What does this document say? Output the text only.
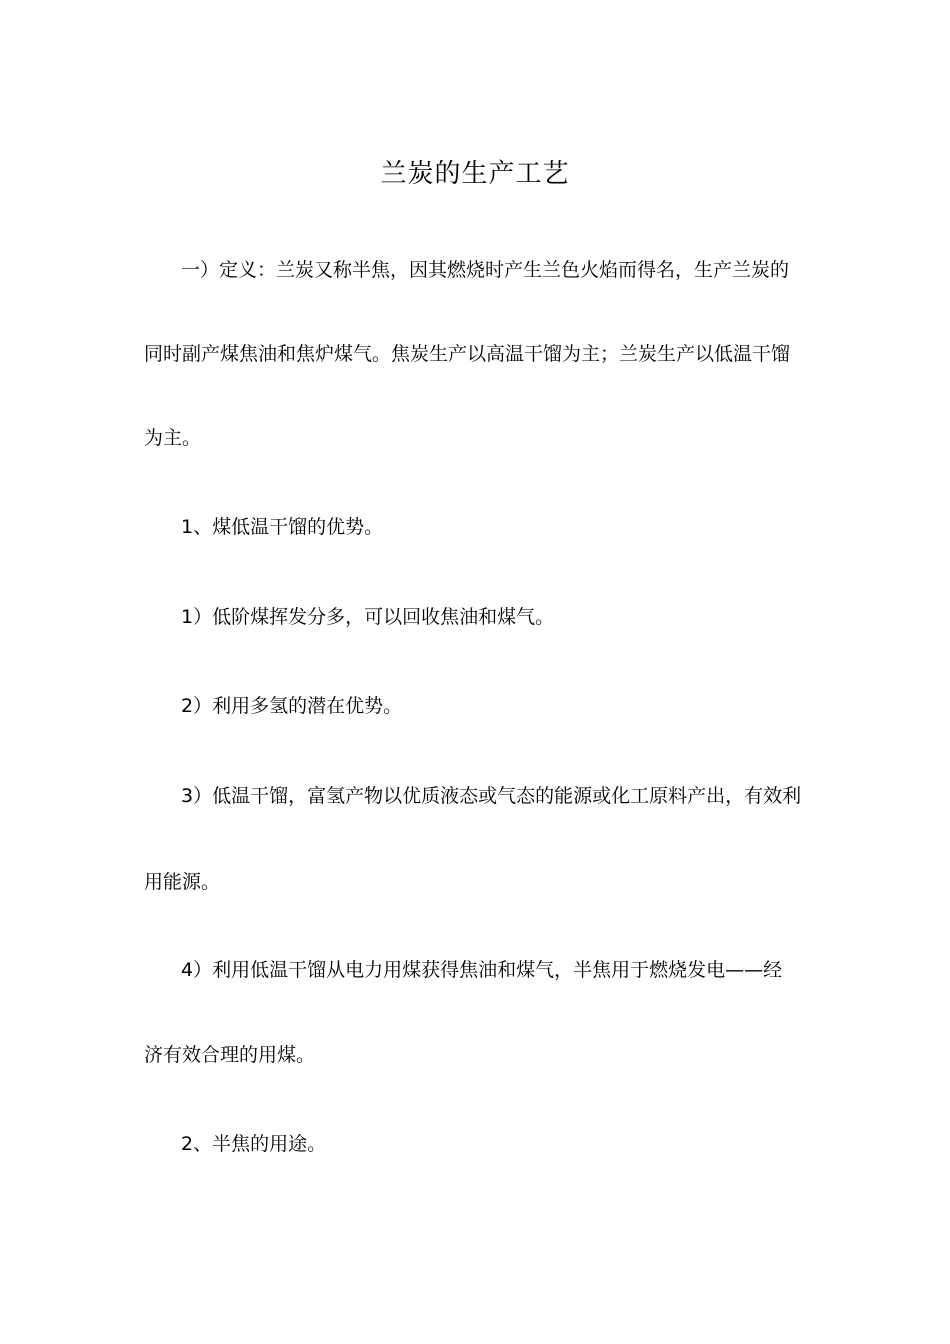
兰炭的生产工艺

一）定义：兰炭又称半焦，因其燃烧时产生兰色火焰而得名，生产兰炭的

同时副产煤焦油和焦炉煤气。焦炭生产以高温干馏为主；兰炭生产以低温干馏

为主。

1、煤低温干馏的优势。

1）低阶煤挥发分多，可以回收焦油和煤气。

2）利用多氢的潜在优势。

3）低温干馏，富氢产物以优质液态或气态的能源或化工原料产出，有效利

用能源。

4）利用低温干馏从电力用煤获得焦油和煤气，半焦用于燃烧发电——经

济有效合理的用煤。

2、半焦的用途。
